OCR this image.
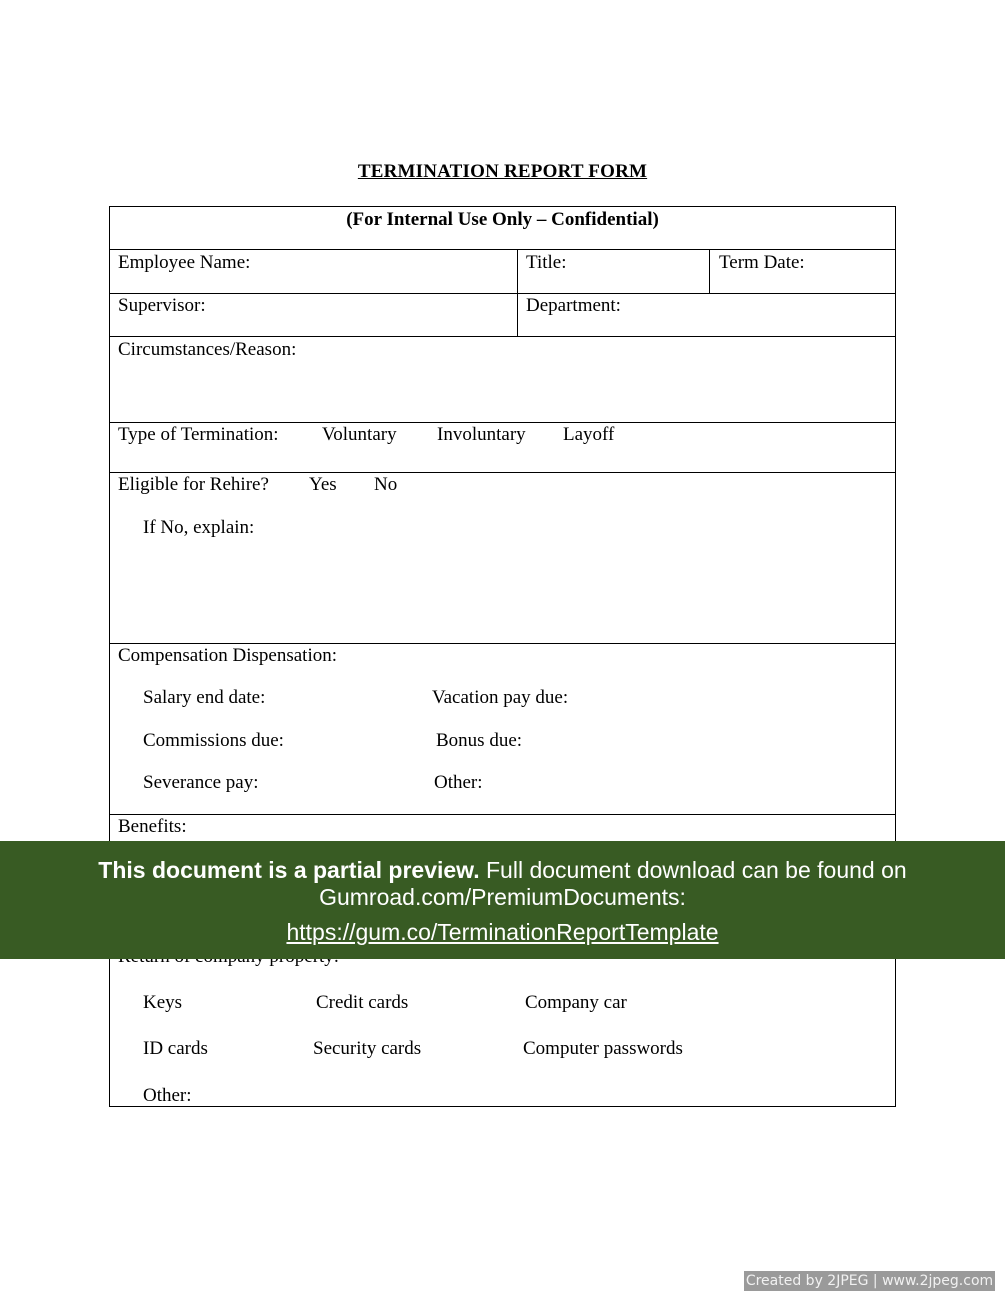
TERMINATION REPORT FORM
(For Internal Use Only – Confidential)
Employee Name:	Title:	Term Date:
Supervisor:	Department:
Circumstances/Reason:
Type of Termination: Voluntary Involuntary Layoff
Eligible for Rehire? Yes No
If No, explain:
Compensation Dispensation:
Salary end date:	Vacation pay due:
Commissions due:	Bonus due:
Severance pay:	Other:
Benefits:
Keys	Credit cards	Company car
ID cards	Security cards	Computer passwords
Other:
This document is a partial preview. Full document download can be found on
Gumroad.com/PremiumDocuments:
https://gum.co/TerminationReportTemplate
Created by 2JPEG | www.2jpeg.com
